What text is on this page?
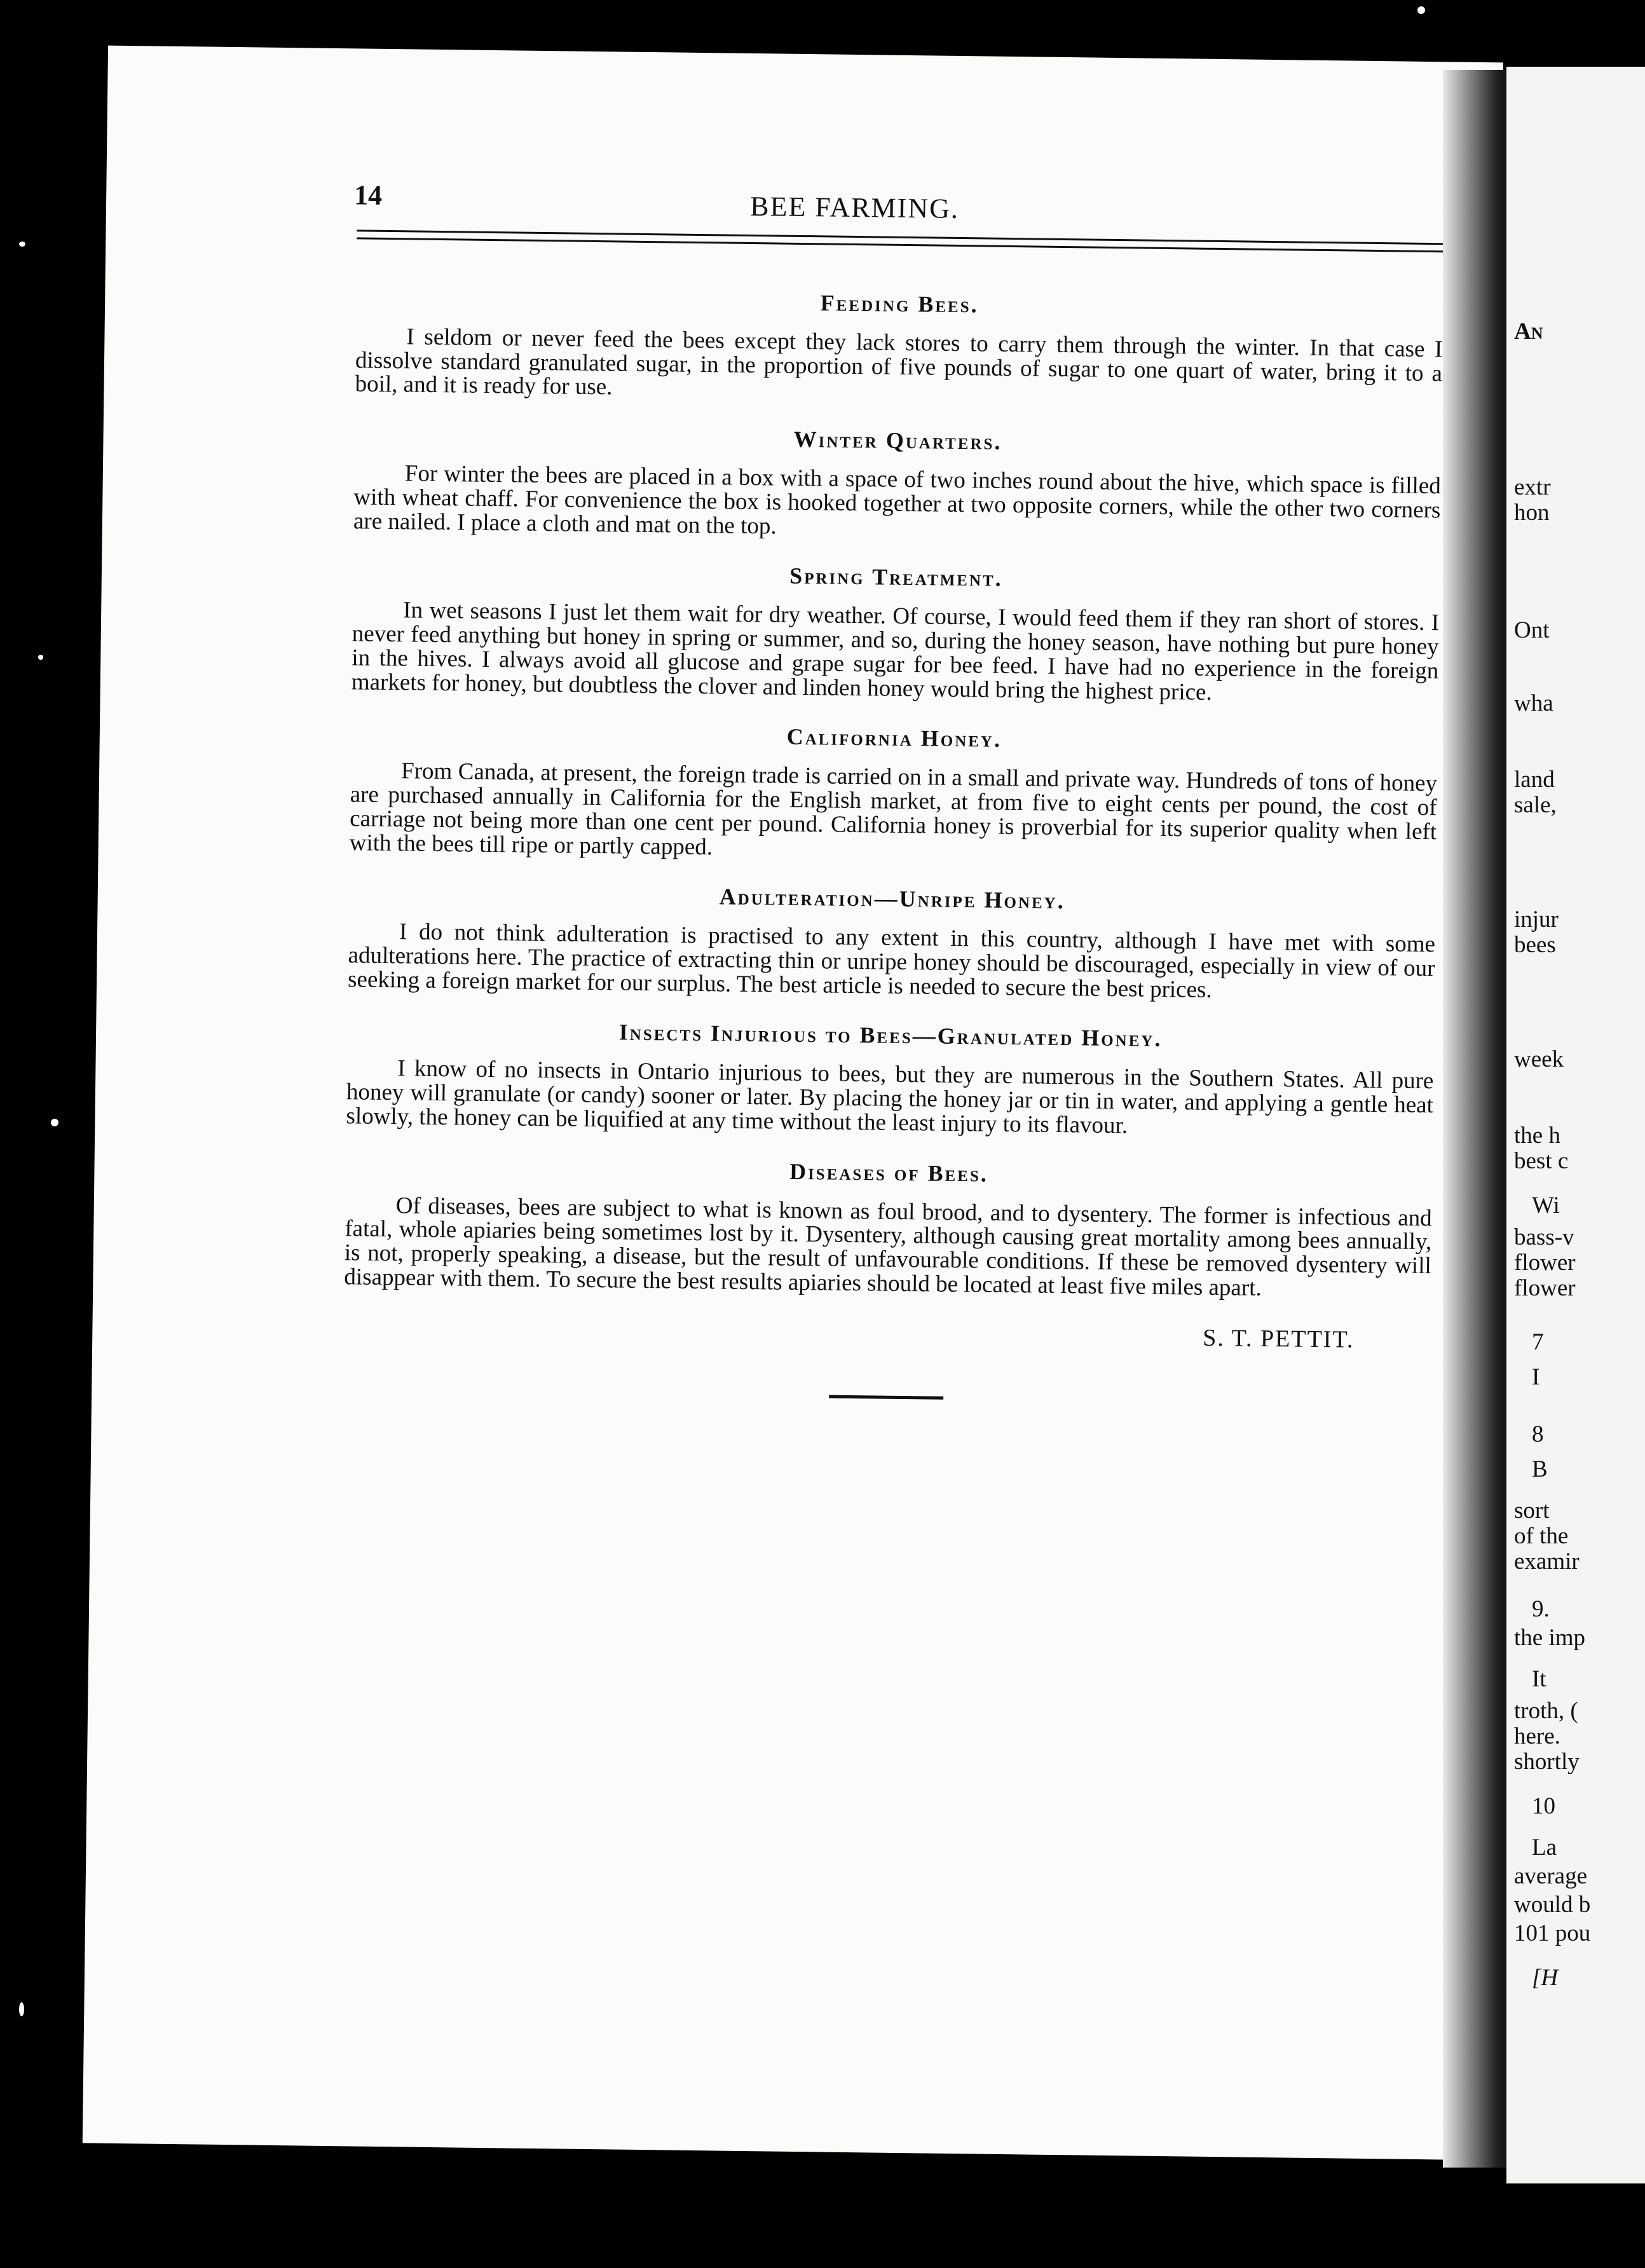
14	BEE FARMING.
Feeding Bees.

I seldom or never feed the bees except they lack stores to carry them through the winter. In that case I dissolve standard granulated sugar, in the proportion of five pounds of sugar to one quart of water, bring it to a boil, and it is ready for use.

Winter Quarters.

For winter the bees are placed in a box with a space of two inches round about the hive, which space is filled with wheat chaff. For convenience the box is hooked together at two opposite corners, while the other two corners are nailed. I place a cloth and mat on the top.

Spring Treatment.

In wet seasons I just let them wait for dry weather. Of course, I would feed them if they ran short of stores. I never feed anything but honey in spring or summer, and so, during the honey season, have nothing but pure honey in the hives. I always avoid all glucose and grape sugar for bee feed. I have had no experience in the foreign markets for honey, but doubtless the clover and linden honey would bring the highest price.

California Honey.

From Canada, at present, the foreign trade is carried on in a small and private way. Hundreds of tons of honey are purchased annually in California for the English market, at from five to eight cents per pound, the cost of carriage not being more than one cent per pound. California honey is proverbial for its superior quality when left with the bees till ripe or partly capped.

Adulteration—Unripe Honey.

I do not think adulteration is practised to any extent in this country, although I have met with some adulterations here. The practice of extracting thin or unripe honey should be discouraged, especially in view of our seeking a foreign market for our surplus. The best article is needed to secure the best prices.

Insects Injurious to Bees—Granulated Honey.

I know of no insects in Ontario injurious to bees, but they are numerous in the Southern States. All pure honey will granulate (or candy) sooner or later. By placing the honey jar or tin in water, and applying a gentle heat slowly, the honey can be liquified at any time without the least injury to its flavour.

Diseases of Bees.

Of diseases, bees are subject to what is known as foul brood, and to dysentery. The former is infectious and fatal, whole apiaries being sometimes lost by it. Dysentery, although causing great mortality among bees annually, is not, properly speaking, a disease, but the result of unfavourable conditions. If these be removed dysentery will disappear with them. To secure the best results apiaries should be located at least five miles apart.

S. T. PETTIT.
An
extr
hon
Ont
wha
land
sale,
injur
bees
week
the h
best c
Wi
bass-v
flower
flower
7
I
8
B
sort
of the
examir
9.
the imp
It
troth, (
here.
shortly
10
La
average
would b
101 pou
[H
